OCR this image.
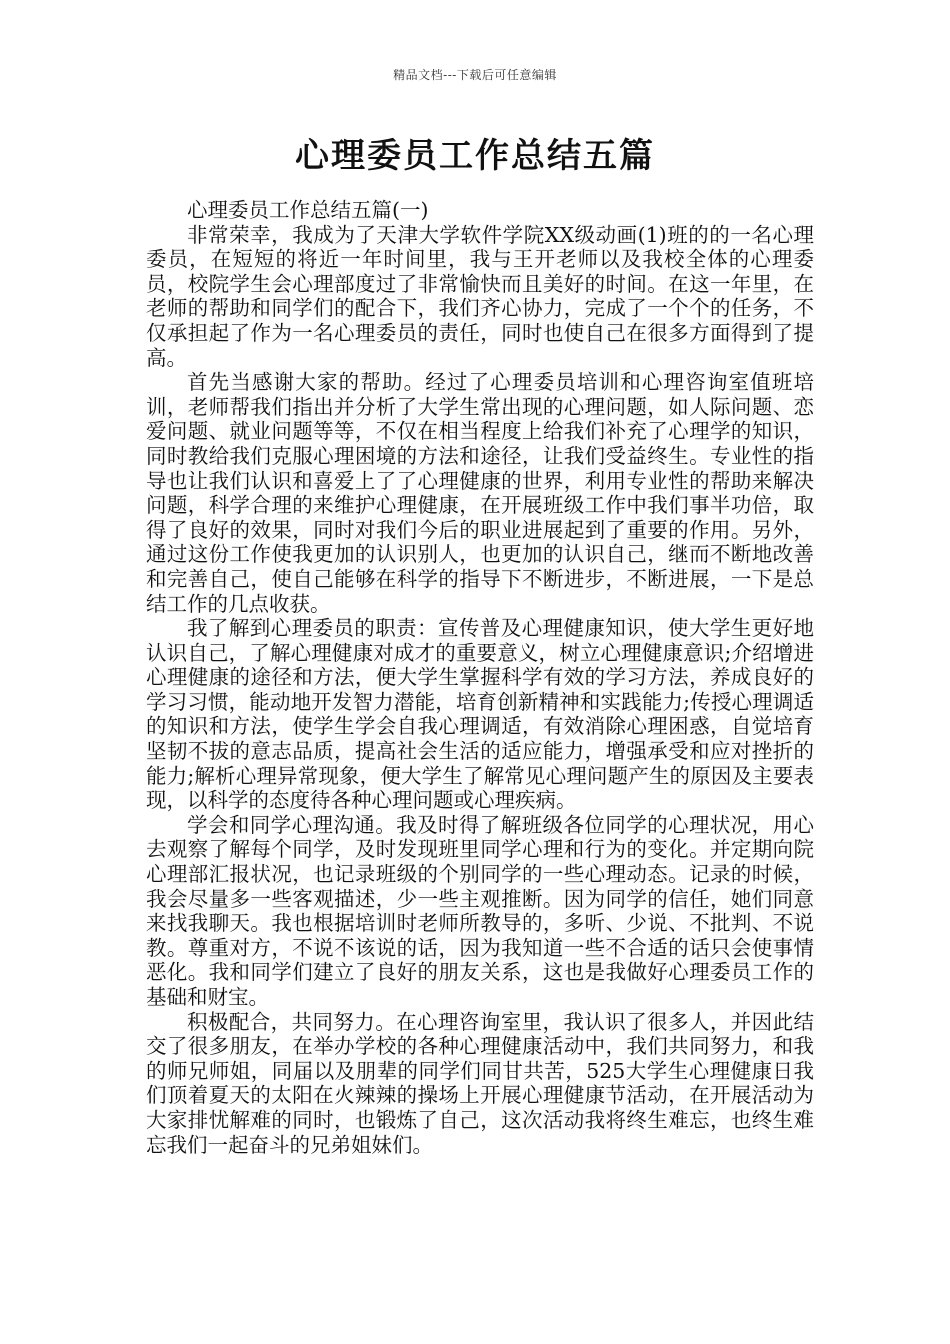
精品文档---下载后可任意编辑
心理委员工作总结五篇

心理委员工作总结五篇(一)

非常荣幸，我成为了天津大学软件学院XX级动画(1)班的的一名心理委员，在短短的将近一年时间里，我与王开老师以及我校全体的心理委员，校院学生会心理部度过了非常愉快而且美好的时间。在这一年里，在老师的帮助和同学们的配合下，我们齐心协力，完成了一个个的任务，不仅承担起了作为一名心理委员的责任，同时也使自己在很多方面得到了提高。

首先当感谢大家的帮助。经过了心理委员培训和心理咨询室值班培训，老师帮我们指出并分析了大学生常出现的心理问题，如人际问题、恋爱问题、就业问题等等，不仅在相当程度上给我们补充了心理学的知识，同时教给我们克服心理困境的方法和途径，让我们受益终生。专业性的指导也让我们认识和喜爱上了了心理健康的世界，利用专业性的帮助来解决问题，科学合理的来维护心理健康，在开展班级工作中我们事半功倍，取得了良好的效果，同时对我们今后的职业进展起到了重要的作用。另外，通过这份工作使我更加的认识别人，也更加的认识自己，继而不断地改善和完善自己，使自己能够在科学的指导下不断进步，不断进展，一下是总结工作的几点收获。

我了解到心理委员的职责：宣传普及心理健康知识，使大学生更好地认识自己，了解心理健康对成才的重要意义，树立心理健康意识;介绍增进心理健康的途径和方法，便大学生掌握科学有效的学习方法，养成良好的学习习惯，能动地开发智力潜能，培育创新精神和实践能力;传授心理调适的知识和方法，使学生学会自我心理调适，有效消除心理困惑，自觉培育坚韧不拔的意志品质，提高社会生活的适应能力，增强承受和应对挫折的能力;解析心理异常现象，便大学生了解常见心理问题产生的原因及主要表现，以科学的态度待各种心理问题或心理疾病。

学会和同学心理沟通。我及时得了解班级各位同学的心理状况，用心去观察了解每个同学，及时发现班里同学心理和行为的变化。并定期向院心理部汇报状况，也记录班级的个别同学的一些心理动态。记录的时候，我会尽量多一些客观描述，少一些主观推断。因为同学的信任，她们同意来找我聊天。我也根据培训时老师所教导的，多听、少说、不批判、不说教。尊重对方，不说不该说的话，因为我知道一些不合适的话只会使事情恶化。我和同学们建立了良好的朋友关系，这也是我做好心理委员工作的基础和财宝。

积极配合，共同努力。在心理咨询室里，我认识了很多人，并因此结交了很多朋友，在举办学校的各种心理健康活动中，我们共同努力，和我的师兄师姐，同届以及朋辈的同学们同甘共苦，525大学生心理健康日我们顶着夏天的太阳在火辣辣的操场上开展心理健康节活动，在开展活动为大家排忧解难的同时，也锻炼了自己，这次活动我将终生难忘，也终生难忘我们一起奋斗的兄弟姐妹们。
